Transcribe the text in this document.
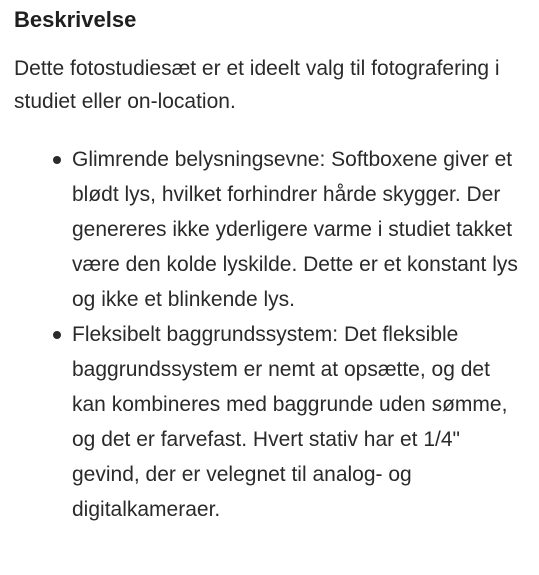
Beskrivelse

Dette fotostudiesæt er et ideelt valg til fotografering i studiet eller on-location.

Glimrende belysningsevne: Softboxene giver et blødt lys, hvilket forhindrer hårde skygger. Der genereres ikke yderligere varme i studiet takket være den kolde lyskilde. Dette er et konstant lys og ikke et blinkende lys.
Fleksibelt baggrundssystem: Det fleksible baggrundssystem er nemt at opsætte, og det kan kombineres med baggrunde uden sømme, og det er farvefast. Hvert stativ har et 1/4" gevind, der er velegnet til analog- og digitalkameraer.
